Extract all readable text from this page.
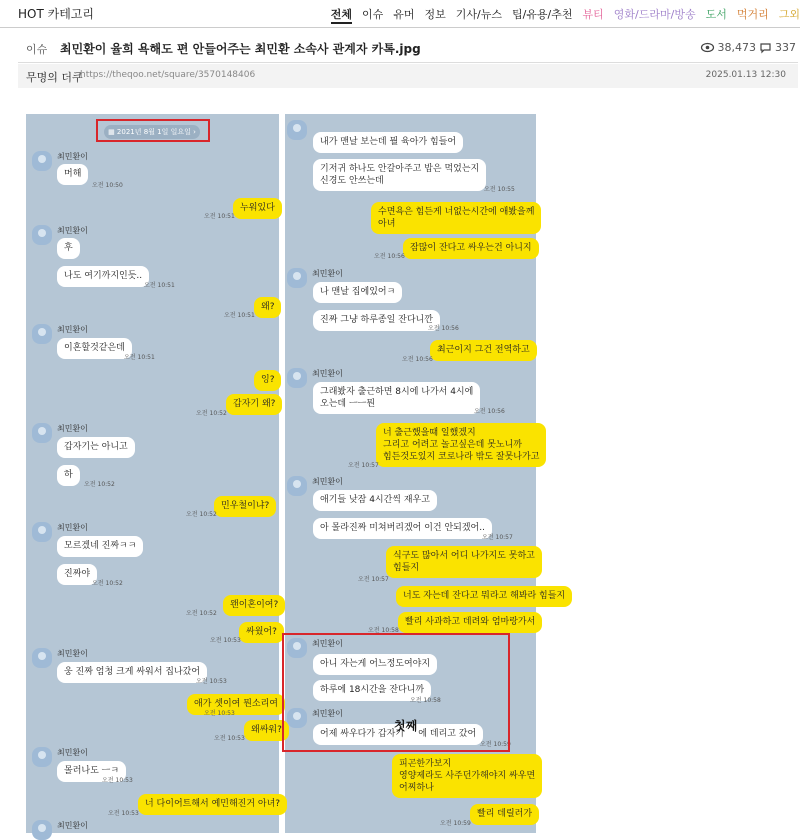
HOT 카테고리	전체 이슈 유머 정보 기사/뉴스 팁/유용/추천 뷰티 영화/드라마/방송 도서 먹거리 그외
이슈 최민환이 율희 욕해도 편 안들어주는 최민환 소속사 관계자 카톡.jpg	38,473 337
무명의 더쿠
https://theqoo.net/square/3570148406	2025.01.13 12:30
▦ 2021년 8월 1일 일요일 ›
최민환이
머해
오전 10:50
누워있다
오전 10:51
최민환이
후
나도 여기까지인듯..
오전 10:51
왜?
오전 10:51
최민환이
이혼할것같은데
오전 10:51
잉?
갑자기 왜?
오전 10:52
최민환이
갑자기는 아니고
하
오전 10:52
민우철이냐?
오전 10:52
최민환이
모르겠네 진짜ㅋㅋ
진짜야
오전 10:52
왠이혼이여?
오전 10:52
싸웠어?
오전 10:53
최민환이
웅 진짜 엄청 크게 싸워서 집나갔어
오전 10:53
애가 셋이여 뭔소리여
오전 10:53
왜싸워?
오전 10:53
최민환이
몰러나도 ㅡㅋ
오전 10:53
너 다이어트해서 예민해진거 아녀?
오전 10:53
최민환이
내가 맨날 보는데 뭘 육아가 힘들어
기저귀 하나도 안갈아주고 밥은 먹었는지
신경도 안쓰는데
오전 10:55
수면욕은 힘든게 너없는시간에 애봤을께
아녀
잠많이 잔다고 싸우는건 아니지
오전 10:56
최민환이
나 맨날 집에있어ㅋ
진짜 그냥 하루종일 잔다니깐
오전 10:56
최근이지 그건 전역하고
오전 10:56
최민환이
그래봤자 출근하면 8시에 나가서 4시에
오는데 ㅡㅡ뭔
오전 10:56
너 출근했을때 일했겠지
그리고 어려고 놀고싶은데 못노니까
힘든것도있지 코로나라 밖도 잘못나가고
오전 10:57
최민환이
애기들 낮잠 4시간씩 재우고
아 몰라진짜 미쳐버리겠어 이건 안되겠어..
오전 10:57
식구도 많아서 어디 나가지도 못하고
힘들지
오전 10:57
너도 자는데 잔다고 뭐라고 해봐라 힘들지
빨리 사과하고 데려와 엄마랑가서
오전 10:58
최민환이
아니 자는게 어느정도여야지
하루에 18시간을 잔다니까
오전 10:58
최민환이
어제 싸우다가 갑자기 에 데리고 갔어
오전 10:59
첫째
피곤한가보지
영양제라도 사주던가해야지 싸우면
어찌하나
빨리 데릴러가
오전 10:59
